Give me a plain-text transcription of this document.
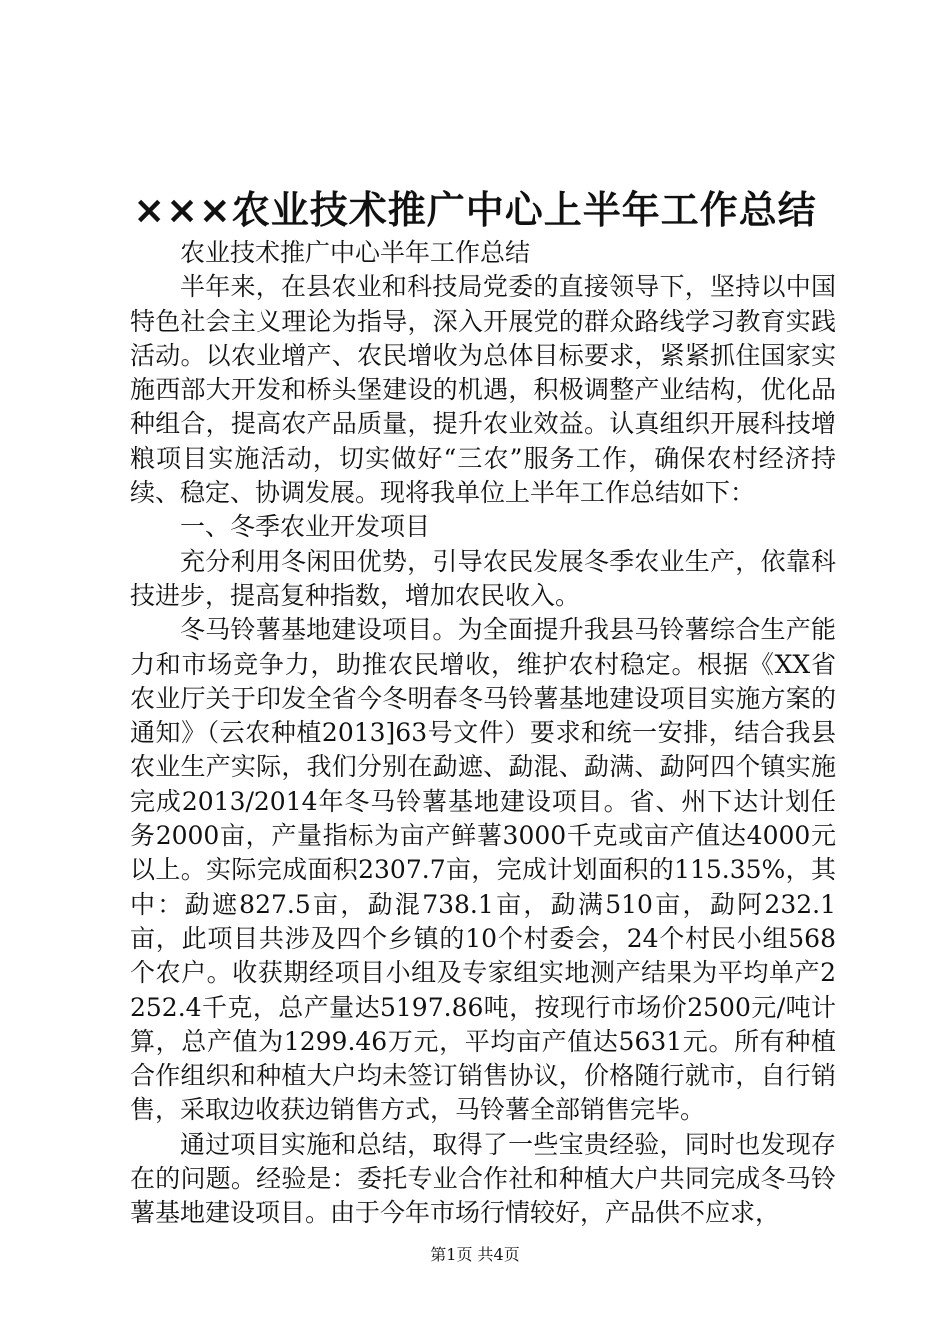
×××农业技术推广中心上半年工作总结

农业技术推广中心半年工作总结

半年来，在县农业和科技局党委的直接领导下，坚持以中国特色社会主义理论为指导，深入开展党的群众路线学习教育实践活动。以农业增产、农民增收为总体目标要求，紧紧抓住国家实施西部大开发和桥头堡建设的机遇，积极调整产业结构，优化品种组合，提高农产品质量，提升农业效益。认真组织开展科技增粮项目实施活动，切实做好“三农”服务工作，确保农村经济持续、稳定、协调发展。现将我单位上半年工作总结如下：

一、冬季农业开发项目

充分利用冬闲田优势，引导农民发展冬季农业生产，依靠科技进步，提高复种指数，增加农民收入。

冬马铃薯基地建设项目。为全面提升我县马铃薯综合生产能力和市场竞争力，助推农民增收，维护农村稳定。根据《XX省农业厅关于印发全省今冬明春冬马铃薯基地建设项目实施方案的通知》（云农种植2013]63号文件）要求和统一安排，结合我县农业生产实际，我们分别在勐遮、勐混、勐满、勐阿四个镇实施完成2013/2014年冬马铃薯基地建设项目。省、州下达计划任务2000亩，产量指标为亩产鲜薯3000千克或亩产值达4000元以上。实际完成面积2307.7亩，完成计划面积的115.35%，其中：勐遮827.5亩，勐混738.1亩，勐满510亩，勐阿232.1亩，此项目共涉及四个乡镇的10个村委会，24个村民小组568个农户。收获期经项目小组及专家组实地测产结果为平均单产2252.4千克，总产量达5197.86吨，按现行市场价2500元/吨计算，总产值为1299.46万元，平均亩产值达5631元。所有种植合作组织和种植大户均未签订销售协议，价格随行就市，自行销售，采取边收获边销售方式，马铃薯全部销售完毕。

通过项目实施和总结，取得了一些宝贵经验，同时也发现存在的问题。经验是：委托专业合作社和种植大户共同完成冬马铃薯基地建设项目。由于今年市场行情较好，产品供不应求，

第1页 共4页
